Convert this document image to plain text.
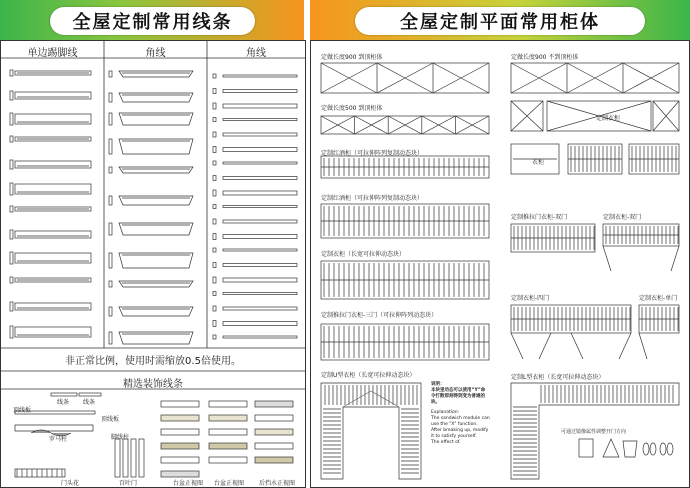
全屋定制常用线条	全屋定制平面常用柜体
单边踢脚线	角线	角线
非正常比例，使用时需缩放0.5倍使用。
精选装饰线条
线条 线条
顶线板
顶线板
脚线柱
罗马柱
门头花	台盆正视图
百叶门	台盆正视图	后挡水正视图
定做长度900 到顶柜体	定做长度900 不到顶柜体
定做长度500 到顶柜体
定制红酒柜（可拉伸阵列复制动态块）
定制红酒柜（可拉伸阵列复制动态块）
定制衣柜（长宽可拉伸动态块）
定制推拉门衣柜-三门（可拉伸阵列动态块）
定制U型衣柜（长宽可拉伸动态块）
定制推拉门衣柜-双门	定制衣柜-双门
定制衣柜-四门	定制衣柜-单门
定制L型衣柜（长宽可拉伸动态块）
定制衣柜
衣柜
可通过镜像属性调整开门方向
说明：
本块里动态可以使用“Y”命令打散即刻得到变为普通的块。
Explanation:
The sandwich module can use the "X" function.
After breaking up, modify it to satisfy yourself.
The effect of.
